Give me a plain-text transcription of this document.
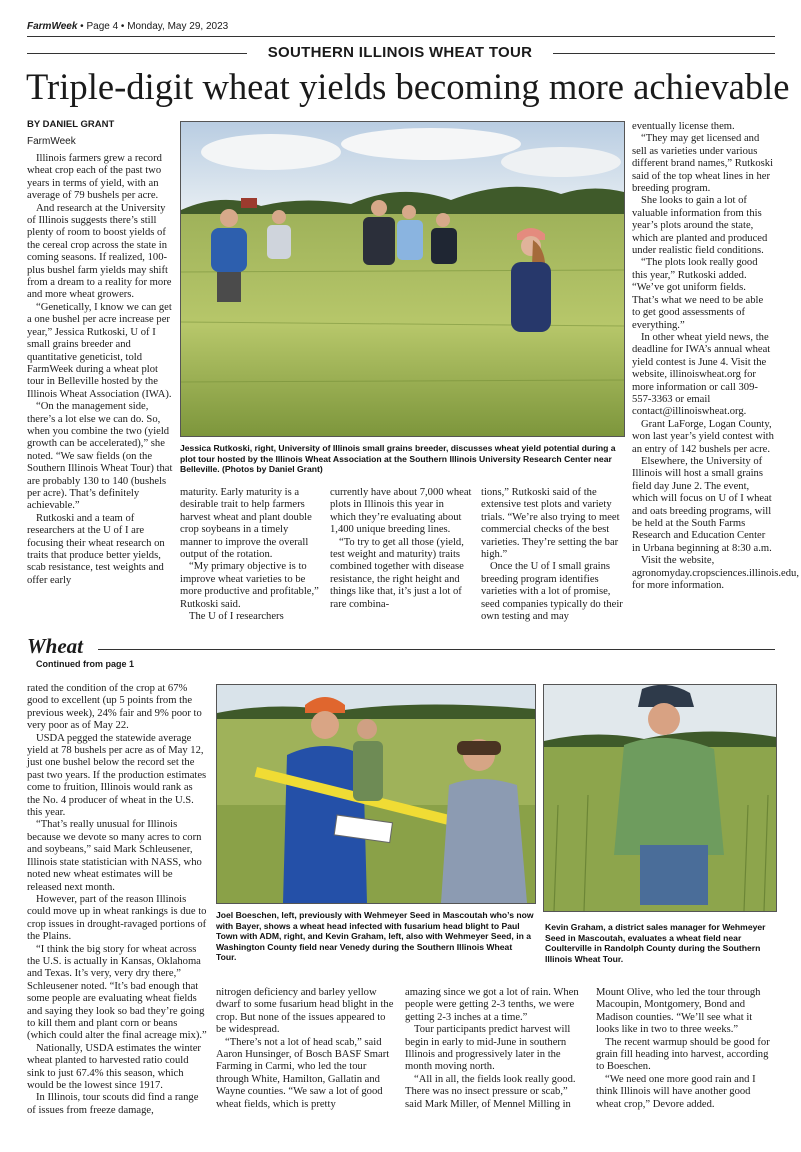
FarmWeek • Page 4 • Monday, May 29, 2023
SOUTHERN ILLINOIS WHEAT TOUR
Triple-digit wheat yields becoming more achievable
BY DANIEL GRANT
FarmWeek

Illinois farmers grew a record wheat crop each of the past two years in terms of yield, with an average of 79 bushels per acre.

And research at the University of Illinois suggests there’s still plenty of room to boost yields of the cereal crop across the state in coming seasons. If realized, 100-plus bushel farm yields may shift from a dream to a reality for more and more wheat growers.

“Genetically, I know we can get a one bushel per acre increase per year,” Jessica Rutkoski, U of I small grains breeder and quantitative geneticist, told FarmWeek during a wheat plot tour in Belleville hosted by the Illinois Wheat Association (IWA).

“On the management side, there’s a lot else we can do. So, when you combine the two (yield growth can be accelerated),” she noted. “We saw fields (on the Southern Illinois Wheat Tour) that are probably 130 to 140 (bushels per acre). That’s definitely achievable.”

Rutkoski and a team of researchers at the U of I are focusing their wheat research on traits that produce better yields, scab resistance, test weights and offer early

Jessica Rutkoski, right, University of Illinois small grains breeder, discusses wheat yield potential during a plot tour hosted by the Illinois Wheat Association at the Southern Illinois University Research Center near Belleville. (Photos by Daniel Grant)

maturity. Early maturity is a desirable trait to help farmers harvest wheat and plant double crop soybeans in a timely manner to improve the overall output of the rotation.

“My primary objective is to improve wheat varieties to be more productive and profitable,” Rutkoski said.

The U of I researchers

currently have about 7,000 wheat plots in Illinois this year in which they’re evaluating about 1,400 unique breeding lines.

“To try to get all those (yield, test weight and maturity) traits combined together with disease resistance, the right height and things like that, it’s just a lot of rare combina-

tions,” Rutkoski said of the extensive test plots and variety trials. “We’re also trying to meet commercial checks of the best varieties. They’re setting the bar high.”

Once the U of I small grains breeding program identifies varieties with a lot of promise, seed companies typically do their own testing and may

eventually license them.

“They may get licensed and sell as varieties under various different brand names,” Rutkoski said of the top wheat lines in her breeding program.

She looks to gain a lot of valuable information from this year’s plots around the state, which are planted and produced under realistic field conditions.

“The plots look really good this year,” Rutkoski added. “We’ve got uniform fields. That’s what we need to be able to get good assessments of everything.”

In other wheat yield news, the deadline for IWA’s annual wheat yield contest is June 4. Visit the website, illinoiswheat.org for more information or call 309-557-3363 or email contact@illinoiswheat.org.

Grant LaForge, Logan County, won last year’s yield contest with an entry of 142 bushels per acre.

Elsewhere, the University of Illinois will host a small grains field day June 2. The event, which will focus on U of I wheat and oats breeding programs, will be held at the South Farms Research and Education Center in Urbana beginning at 8:30 a.m.

Visit the website, agronomyday.cropsciences.illinois.edu, for more information.

Wheat
Continued from page 1

rated the condition of the crop at 67% good to excellent (up 5 points from the previous week), 24% fair and 9% poor to very poor as of May 22.

USDA pegged the statewide average yield at 78 bushels per acre as of May 12, just one bushel below the record set the past two years. If the production estimates come to fruition, Illinois would rank as the No. 4 producer of wheat in the U.S. this year.

“That’s really unusual for Illinois because we devote so many acres to corn and soybeans,” said Mark Schleusener, Illinois state statistician with NASS, who noted new wheat estimates will be released next month.

However, part of the reason Illinois could move up in wheat rankings is due to crop issues in drought-ravaged portions of the Plains.

“I think the big story for wheat across the U.S. is actually in Kansas, Oklahoma and Texas. It’s very, very dry there,” Schleusener noted. “It’s bad enough that some people are evaluating wheat fields and saying they look so bad they’re going to kill them and plant corn or beans (which could alter the final acreage mix).”

Nationally, USDA estimates the winter wheat planted to harvested ratio could sink to just 67.4% this season, which would be the lowest since 1917.

In Illinois, tour scouts did find a range of issues from freeze damage,

Joel Boeschen, left, previously with Wehmeyer Seed in Mascoutah who’s now with Bayer, shows a wheat head infected with fusarium head blight to Paul Town with ADM, right, and Kevin Graham, left, also with Wehmeyer Seed, in a Washington County field near Venedy during the Southern Illinois Wheat Tour.
Kevin Graham, a district sales manager for Wehmeyer Seed in Mascoutah, evaluates a wheat field near Coulterville in Randolph County during the Southern Illinois Wheat Tour.

nitrogen deficiency and barley yellow dwarf to some fusarium head blight in the crop. But none of the issues appeared to be widespread.

“There’s not a lot of head scab,” said Aaron Hunsinger, of Bosch BASF Smart Farming in Carmi, who led the tour through White, Hamilton, Gallatin and Wayne counties. “We saw a lot of good wheat fields, which is pretty

amazing since we got a lot of rain. When people were getting 2-3 tenths, we were getting 2-3 inches at a time.”

Tour participants predict harvest will begin in early to mid-June in southern Illinois and progressively later in the month moving north.

“All in all, the fields look really good. There was no insect pressure or scab,” said Mark Miller, of Mennel Milling in

Mount Olive, who led the tour through Macoupin, Montgomery, Bond and Madison counties. “We’ll see what it looks like in two to three weeks.”

The recent warmup should be good for grain fill heading into harvest, according to Boeschen.

“We need one more good rain and I think Illinois will have another good wheat crop,” Devore added.
